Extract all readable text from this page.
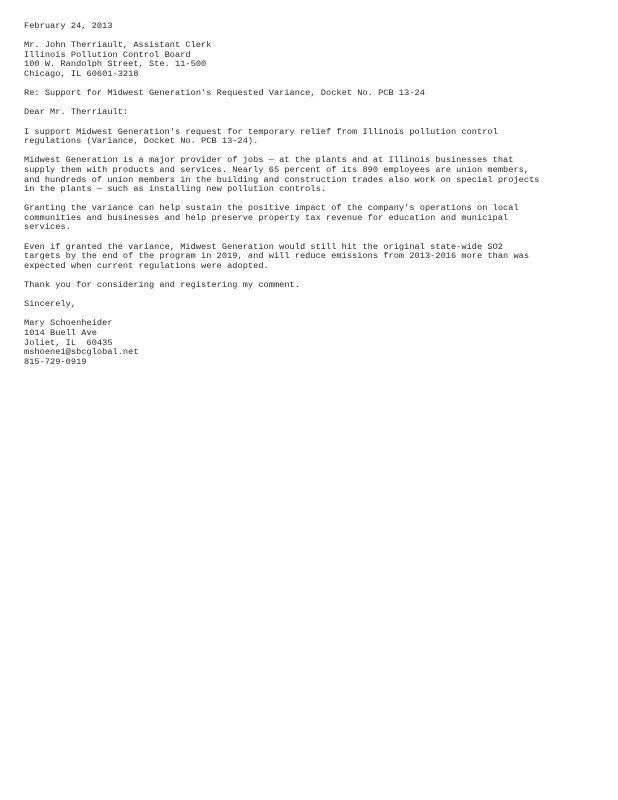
February 24, 2013
Mr. John Therriault, Assistant Clerk
Illinois Pollution Control Board
100 W. Randolph Street, Ste. 11-500
Chicago, IL 60601-3218
Re: Support for Midwest Generation's Requested Variance, Docket No. PCB 13-24
Dear Mr. Therriault:
I support Midwest Generation's request for temporary relief from Illinois pollution control
regulations (Variance, Docket No. PCB 13-24).
Midwest Generation is a major provider of jobs — at the plants and at Illinois businesses that
supply them with products and services. Nearly 65 percent of its 890 employees are union members,
and hundreds of union members in the building and construction trades also work on special projects
in the plants — such as installing new pollution controls.
Granting the variance can help sustain the positive impact of the company's operations on local
communities and businesses and help preserve property tax revenue for education and municipal
services.
Even if granted the variance, Midwest Generation would still hit the original state-wide SO2
targets by the end of the program in 2019, and will reduce emissions from 2013-2016 more than was
expected when current regulations were adopted.
Thank you for considering and registering my comment.
Sincerely,
Mary Schoenheider
1014 Buell Ave
Joliet, IL  60435
mshoene1@sbcglobal.net
815-729-0919
